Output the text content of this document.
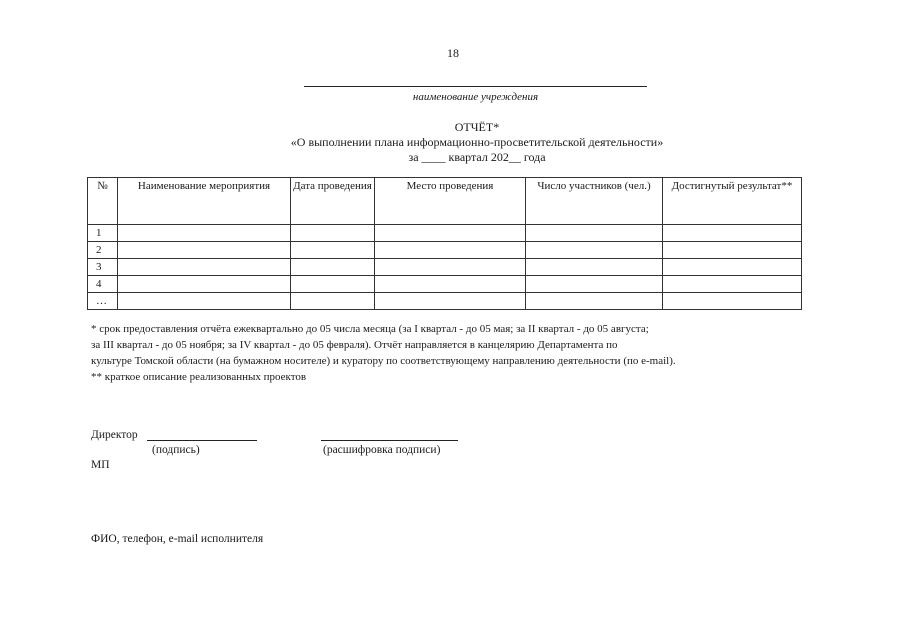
18
наименование учреждения
ОТЧЁТ*
«О выполнении плана информационно-просветительской деятельности»
за ____ квартал 202__ года
№	Наименование мероприятия	Дата проведения	Место проведения	Число участников (чел.)	Достигнутый результат**
1					
2					
3					
4					
…					
* срок предоставления отчёта ежеквартально до 05 числа месяца (за I квартал - до 05 мая; за II квартал - до 05 августа;
за III квартал - до 05 ноября; за IV квартал - до 05 февраля). Отчёт направляется в канцелярию Департамента по
культуре Томской области (на бумажном носителе) и куратору по соответствующему направлению деятельности (по e-mail).
** краткое описание реализованных проектов
Директор
(подпись)	(расшифровка подписи)
МП
ФИО, телефон, e-mail исполнителя
